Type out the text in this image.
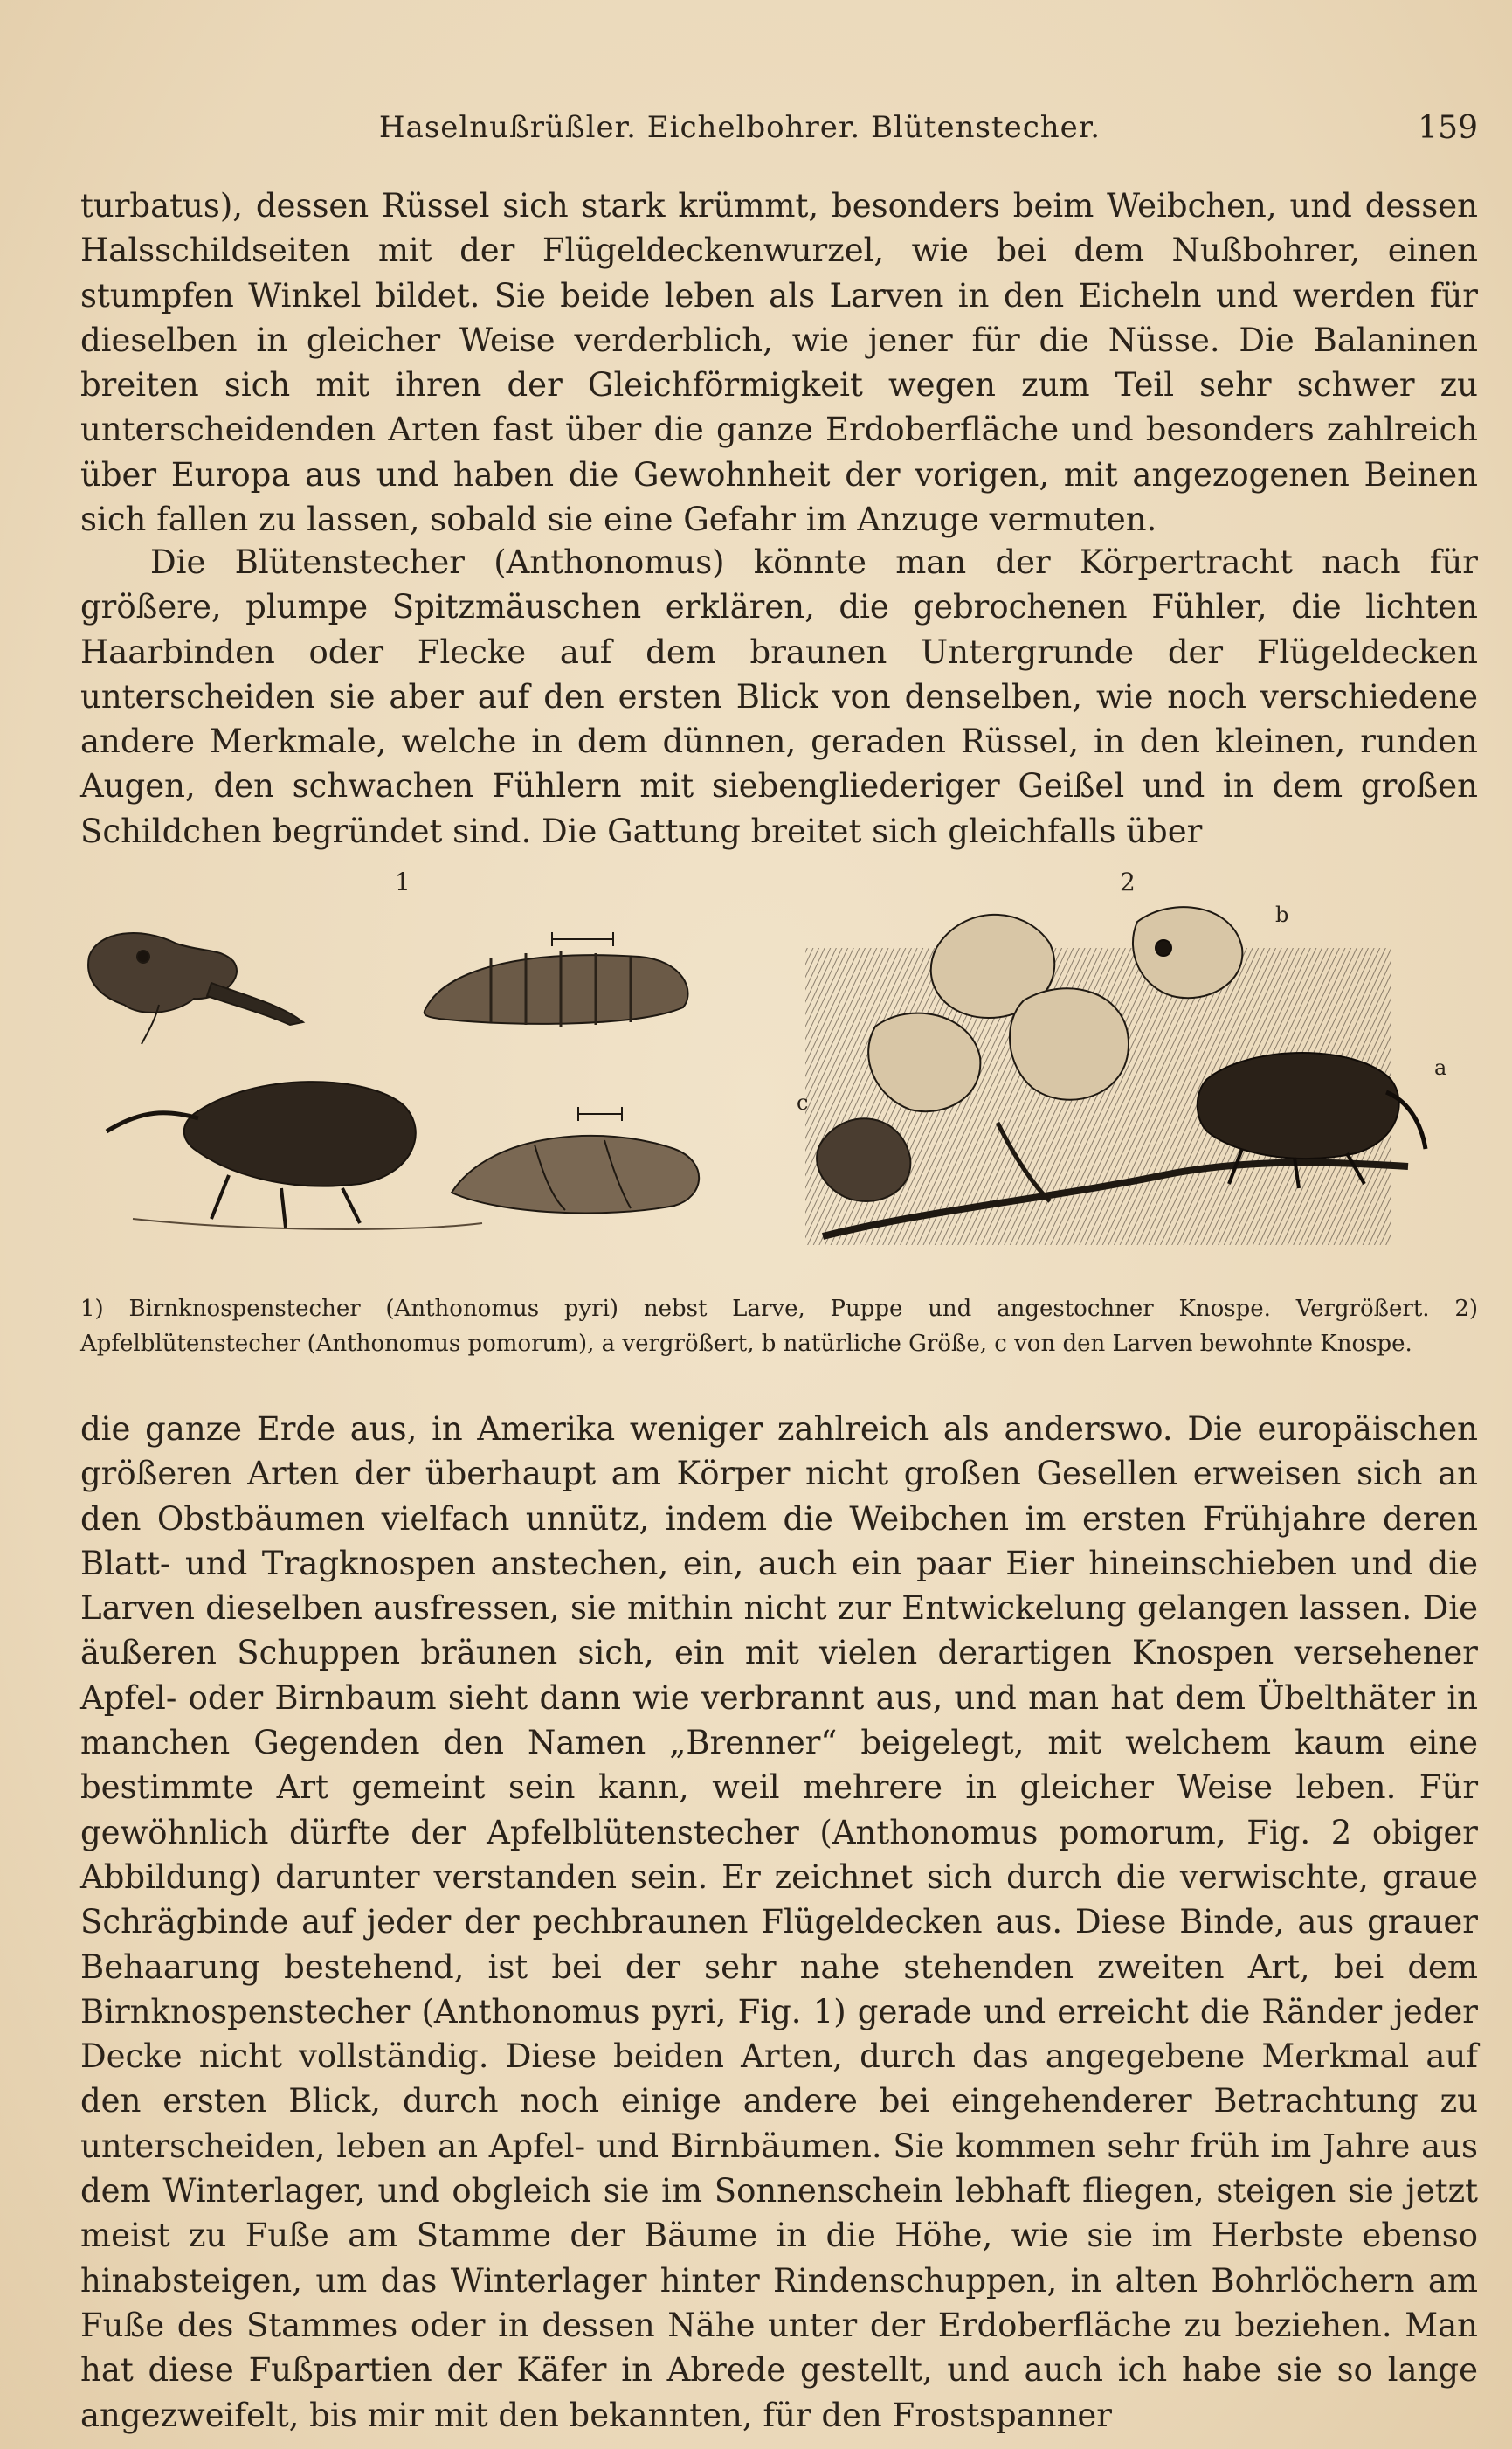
Haselnußrüßler. Eichelbohrer. Blütenstecher.	159

turbatus), dessen Rüssel sich stark krümmt, besonders beim Weibchen, und dessen Halsschildseiten mit der Flügeldeckenwurzel, wie bei dem Nußbohrer, einen stumpfen Winkel bildet. Sie beide leben als Larven in den Eicheln und werden für dieselben in gleicher Weise verderblich, wie jener für die Nüsse. Die Balaninen breiten sich mit ihren der Gleichförmigkeit wegen zum Teil sehr schwer zu unterscheidenden Arten fast über die ganze Erdoberfläche und besonders zahlreich über Europa aus und haben die Gewohnheit der vorigen, mit angezogenen Beinen sich fallen zu lassen, sobald sie eine Gefahr im Anzuge vermuten.

Die Blütenstecher (Anthonomus) könnte man der Körpertracht nach für größere, plumpe Spitzmäuschen erklären, die gebrochenen Fühler, die lichten Haarbinden oder Flecke auf dem braunen Untergrunde der Flügeldecken unterscheiden sie aber auf den ersten Blick von denselben, wie noch verschiedene andere Merkmale, welche in dem dünnen, geraden Rüssel, in den kleinen, runden Augen, den schwachen Fühlern mit siebengliederiger Geißel und in dem großen Schildchen begründet sind. Die Gattung breitet sich gleichfalls über

1	2
a
b
c

1) Birnknospenstecher (Anthonomus pyri) nebst Larve, Puppe und angestochner Knospe. Vergrößert. 2) Apfelblütenstecher (Anthonomus pomorum), a vergrößert, b natürliche Größe, c von den Larven bewohnte Knospe.

die ganze Erde aus, in Amerika weniger zahlreich als anderswo. Die europäischen größeren Arten der überhaupt am Körper nicht großen Gesellen erweisen sich an den Obstbäumen vielfach unnütz, indem die Weibchen im ersten Frühjahre deren Blatt- und Tragknospen anstechen, ein, auch ein paar Eier hineinschieben und die Larven dieselben ausfressen, sie mithin nicht zur Entwickelung gelangen lassen. Die äußeren Schuppen bräunen sich, ein mit vielen derartigen Knospen versehener Apfel- oder Birnbaum sieht dann wie verbrannt aus, und man hat dem Übelthäter in manchen Gegenden den Namen „Brenner“ beigelegt, mit welchem kaum eine bestimmte Art gemeint sein kann, weil mehrere in gleicher Weise leben. Für gewöhnlich dürfte der Apfelblütenstecher (Anthonomus pomorum, Fig. 2 obiger Abbildung) darunter verstanden sein. Er zeichnet sich durch die verwischte, graue Schrägbinde auf jeder der pechbraunen Flügeldecken aus. Diese Binde, aus grauer Behaarung bestehend, ist bei der sehr nahe stehenden zweiten Art, bei dem Birnknospenstecher (Anthonomus pyri, Fig. 1) gerade und erreicht die Ränder jeder Decke nicht vollständig. Diese beiden Arten, durch das angegebene Merkmal auf den ersten Blick, durch noch einige andere bei eingehenderer Betrachtung zu unterscheiden, leben an Apfel- und Birnbäumen. Sie kommen sehr früh im Jahre aus dem Winterlager, und obgleich sie im Sonnenschein lebhaft fliegen, steigen sie jetzt meist zu Fuße am Stamme der Bäume in die Höhe, wie sie im Herbste ebenso hinabsteigen, um das Winterlager hinter Rindenschuppen, in alten Bohrlöchern am Fuße des Stammes oder in dessen Nähe unter der Erdoberfläche zu beziehen. Man hat diese Fußpartien der Käfer in Abrede gestellt, und auch ich habe sie so lange angezweifelt, bis mir mit den bekannten, für den Frostspanner
